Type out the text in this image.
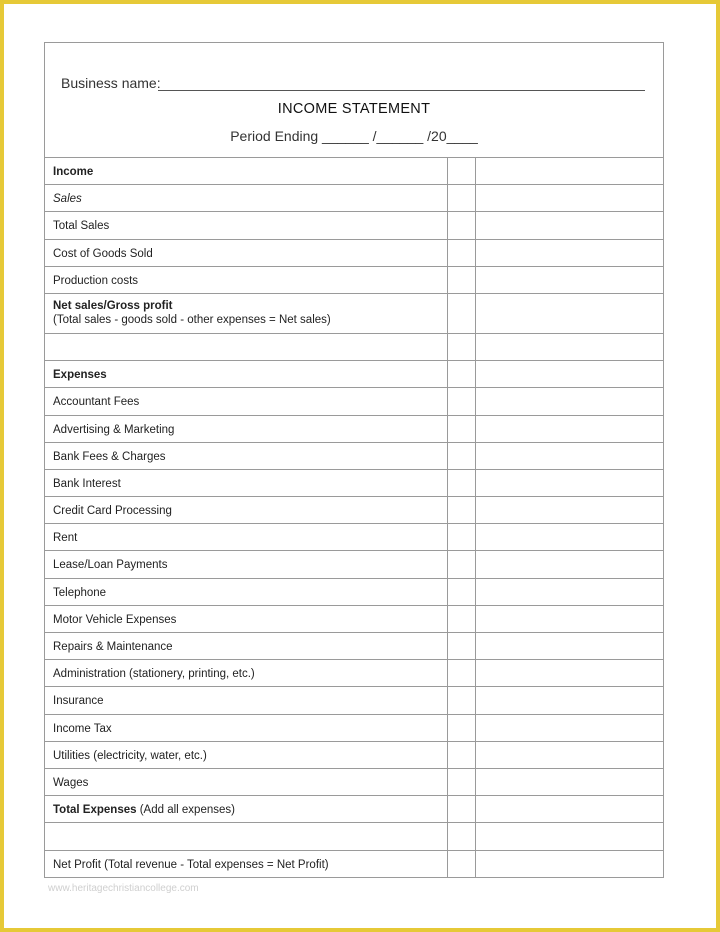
Business name:
INCOME STATEMENT
Period Ending ______ /______ /20____
Income
Sales
Total Sales
Cost of Goods Sold
Production costs
Net sales/Gross profit
(Total sales - goods sold - other expenses = Net sales)
Expenses
Accountant Fees
Advertising & Marketing
Bank Fees & Charges
Bank Interest
Credit Card Processing
Rent
Lease/Loan Payments
Telephone
Motor Vehicle Expenses
Repairs & Maintenance
Administration (stationery, printing, etc.)
Insurance
Income Tax
Utilities (electricity, water, etc.)
Wages
Total Expenses (Add all expenses)
Net Profit (Total revenue - Total expenses = Net Profit)
www.heritagechristiancollege.com
